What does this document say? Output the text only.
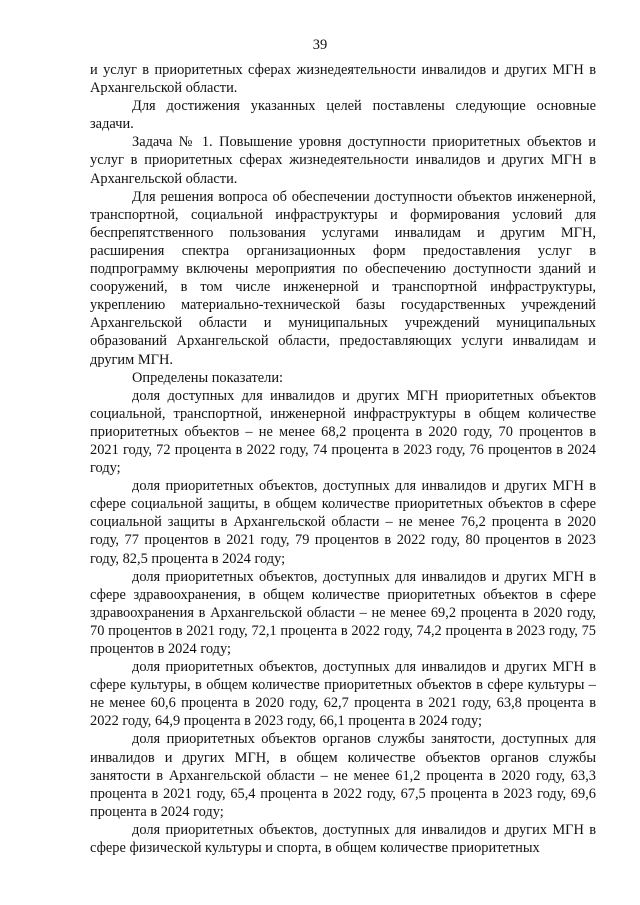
39

и услуг в приоритетных сферах жизнедеятельности инвалидов и других МГН в Архангельской области.

Для достижения указанных целей поставлены следующие основные задачи.

Задача № 1. Повышение уровня доступности приоритетных объектов и услуг в приоритетных сферах жизнедеятельности инвалидов и других МГН в Архангельской области.

Для решения вопроса об обеспечении доступности объектов инженерной, транспортной, социальной инфраструктуры и формирования условий для беспрепятственного пользования услугами инвалидам и другим МГН, расширения спектра организационных форм предоставления услуг в подпрограмму включены мероприятия по обеспечению доступности зданий и сооружений, в том числе инженерной и транспортной инфраструктуры, укреплению материально-технической базы государственных учреждений Архангельской области и муниципальных учреждений муниципальных образований Архангельской области, предоставляющих услуги инвалидам и другим МГН.

Определены показатели:

доля доступных для инвалидов и других МГН приоритетных объектов социальной, транспортной, инженерной инфраструктуры в общем количестве приоритетных объектов – не менее 68,2 процента в 2020 году, 70 процентов в 2021 году, 72 процента в 2022 году, 74 процента в 2023 году, 76 процентов в 2024 году;

доля приоритетных объектов, доступных для инвалидов и других МГН в сфере социальной защиты, в общем количестве приоритетных объектов в сфере социальной защиты в Архангельской области – не менее 76,2 процента в 2020 году, 77 процентов в 2021 году, 79 процентов в 2022 году, 80 процентов в 2023 году, 82,5 процента в 2024 году;

доля приоритетных объектов, доступных для инвалидов и других МГН в сфере здравоохранения, в общем количестве приоритетных объектов в сфере здравоохранения в Архангельской области – не менее 69,2 процента в 2020 году, 70 процентов в 2021 году, 72,1 процента в 2022 году, 74,2 процента в 2023 году, 75 процентов в 2024 году;

доля приоритетных объектов, доступных для инвалидов и других МГН в сфере культуры, в общем количестве приоритетных объектов в сфере культуры – не менее 60,6 процента в 2020 году, 62,7 процента в 2021 году, 63,8 процента в 2022 году, 64,9 процента в 2023 году, 66,1 процента в 2024 году;

доля приоритетных объектов органов службы занятости, доступных для инвалидов и других МГН, в общем количестве объектов органов службы занятости в Архангельской области – не менее 61,2 процента в 2020 году, 63,3 процента в 2021 году, 65,4 процента в 2022 году, 67,5 процента в 2023 году, 69,6 процента в 2024 году;

доля приоритетных объектов, доступных для инвалидов и других МГН в сфере физической культуры и спорта, в общем количестве приоритетных
